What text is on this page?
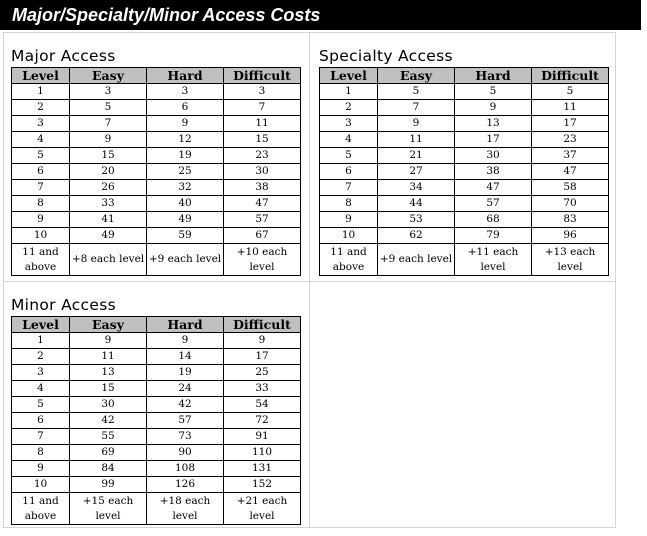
Major/Specialty/Minor Access Costs
Major Access
Level	Easy	Hard	Difficult
1	3	3	3
2	5	6	7
3	7	9	11
4	9	12	15
5	15	19	23
6	20	25	30
7	26	32	38
8	33	40	47
9	41	49	57
10	49	59	67
11 and above	+8 each level	+9 each level	+10 each level
Specialty Access
Level	Easy	Hard	Difficult
1	5	5	5
2	7	9	11
3	9	13	17
4	11	17	23
5	21	30	37
6	27	38	47
7	34	47	58
8	44	57	70
9	53	68	83
10	62	79	96
11 and above	+9 each level	+11 each level	+13 each level
Minor Access
Level	Easy	Hard	Difficult
1	9	9	9
2	11	14	17
3	13	19	25
4	15	24	33
5	30	42	54
6	42	57	72
7	55	73	91
8	69	90	110
9	84	108	131
10	99	126	152
11 and above	+15 each level	+18 each level	+21 each level
